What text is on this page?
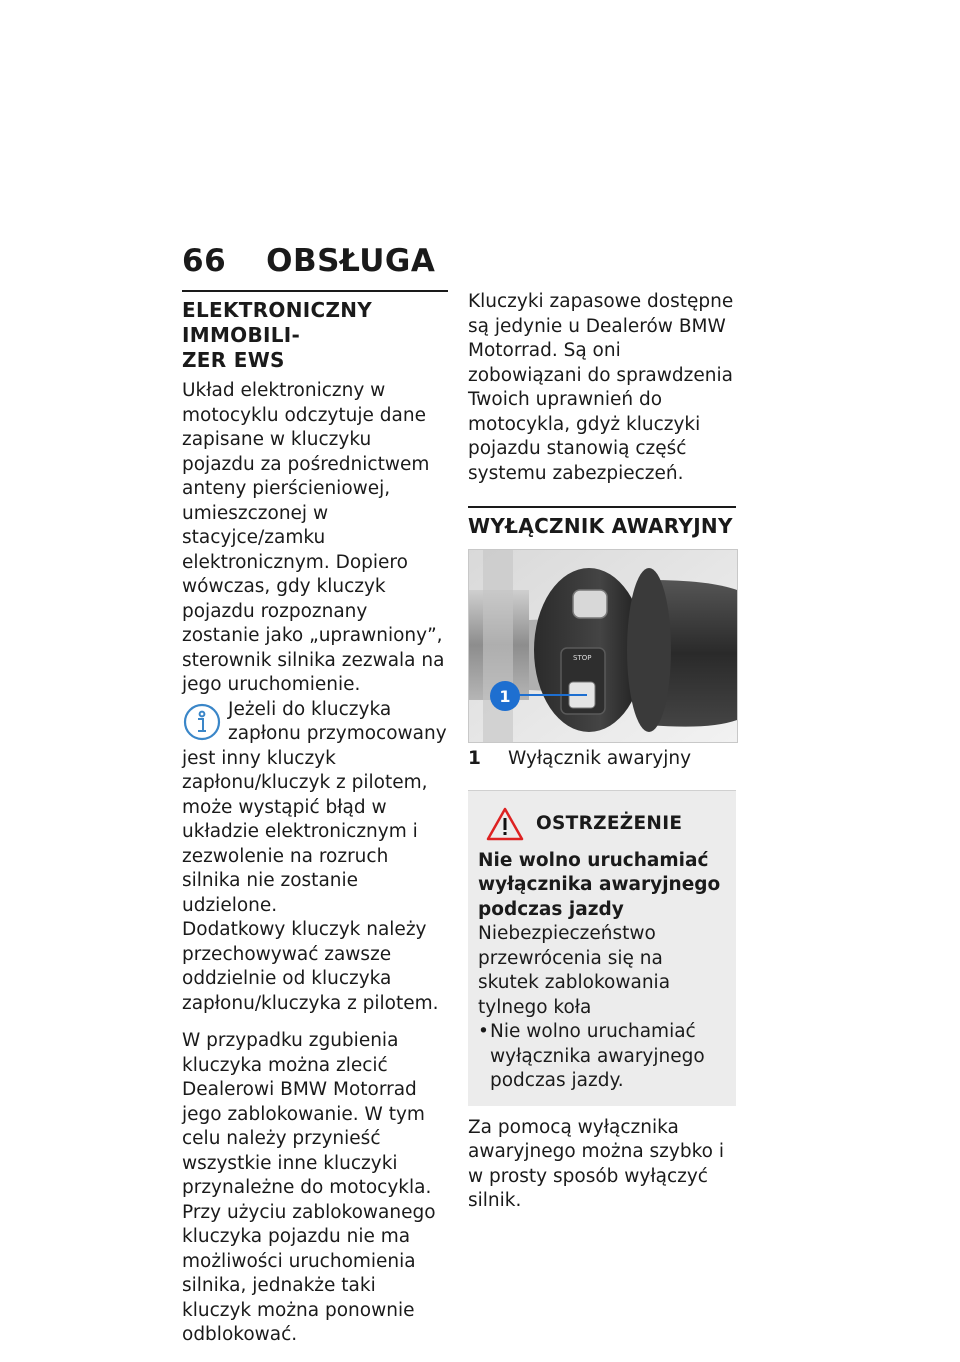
66 OBSŁUGA
ELEKTRONICZNY IMMOBILI-
ZER EWS

Układ elektroniczny w motocyklu odczytuje dane zapisane w kluczyku pojazdu za pośrednictwem anteny pierścieniowej, umieszczonej w stacyjce/zamku elektronicznym. Dopiero wówczas, gdy kluczyk pojazdu rozpoznany zostanie jako „uprawniony”, sterownik silnika zezwala na jego uruchomienie.

Jeżeli do kluczyka zapłonu przymocowany jest inny kluczyk zapłonu/kluczyk z pilotem, może wystąpić błąd w układzie elektronicznym i zezwolenie na rozruch silnika nie zostanie udzielone.

Dodatkowy kluczyk należy przechowywać zawsze oddzielnie od kluczyka zapłonu/kluczyka z pilotem.

W przypadku zgubienia kluczyka można zlecić Dealerowi BMW Motorrad jego zablokowanie. W tym celu należy przynieść wszystkie inne kluczyki przynależne do motocykla.

Przy użyciu zablokowanego kluczyka pojazdu nie ma możliwości uruchomienia silnika, jednakże taki kluczyk można ponownie odblokować.

Kluczyki zapasowe dostępne są jedynie u Dealerów BMW Motorrad. Są oni zobowiązani do sprawdzenia Twoich uprawnień do motocykla, gdyż kluczyki pojazdu stanowią część systemu zabezpieczeń.

WYŁĄCZNIK AWARYJNY
STOP
1
1	Wyłącznik awaryjny
OSTRZEŻENIE
Nie wolno uruchamiać wyłącznika awaryjnego podczas jazdy

Niebezpieczeństwo przewrócenia się na skutek zablokowania tylnego koła

• Nie wolno uruchamiać wyłącznika awaryjnego podczas jazdy.

Za pomocą wyłącznika awaryjnego można szybko i w prosty sposób wyłączyć silnik.
